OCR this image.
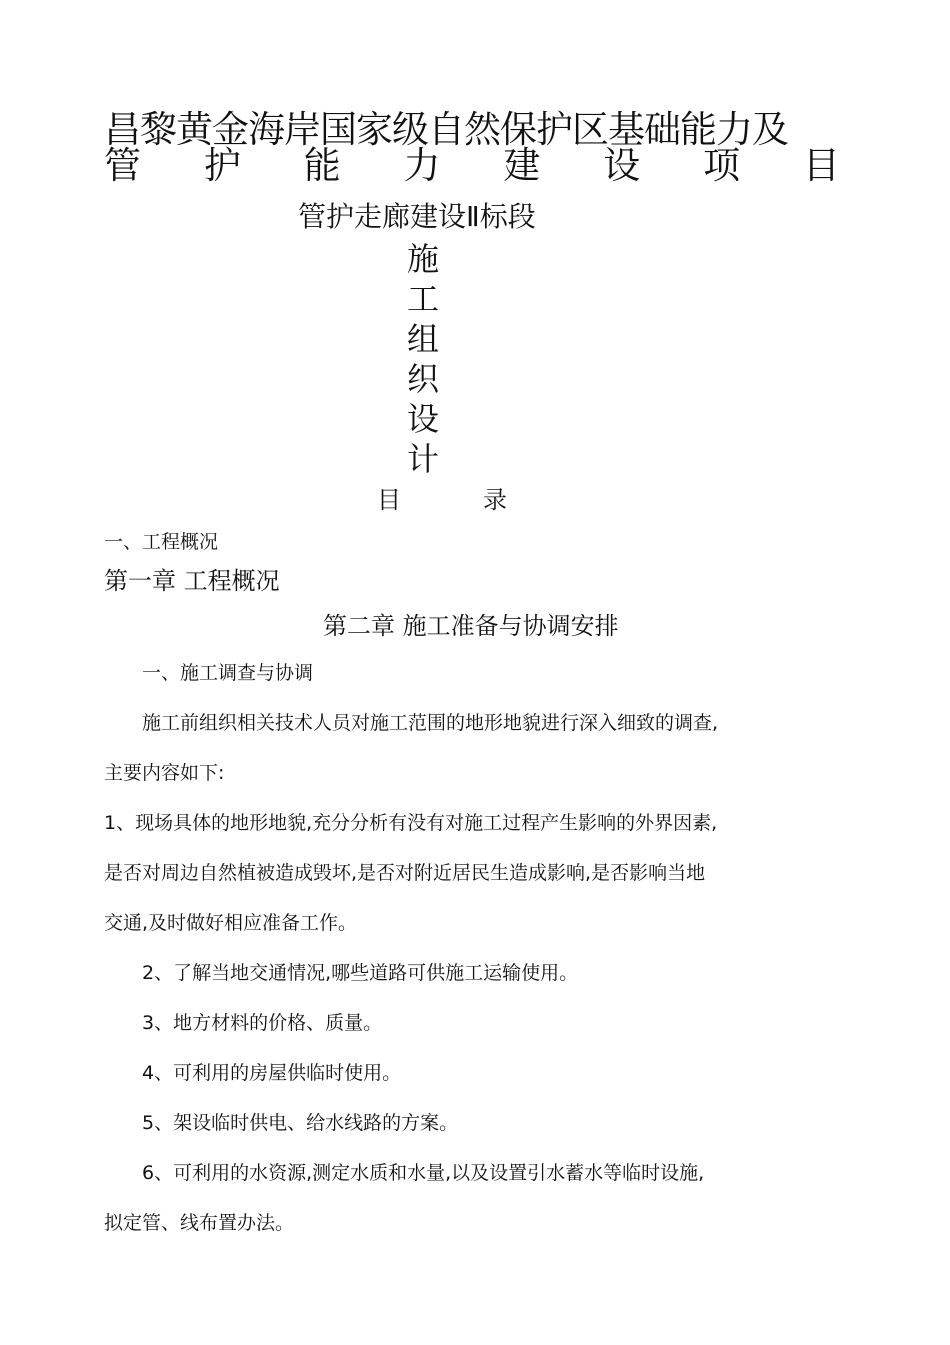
昌黎黄金海岸国家级自然保护区基础能力及
管 护 能 力 建 设 项 目
管护走廊建设Ⅱ标段
施
工
组
织
设
计
目	录
一、工程概况
第一章 工程概况
第二章 施工准备与协调安排
一、施工调查与协调
施工前组织相关技术人员对施工范围的地形地貌进行深入细致的调查,
主要内容如下:
1、现场具体的地形地貌,充分分析有没有对施工过程产生影响的外界因素,
是否对周边自然植被造成毁坏,是否对附近居民生造成影响,是否影响当地
交通,及时做好相应准备工作。
2、了解当地交通情况,哪些道路可供施工运输使用。
3、地方材料的价格、质量。
4、可利用的房屋供临时使用。
5、架设临时供电、给水线路的方案。
6、可利用的水资源,测定水质和水量,以及设置引水蓄水等临时设施,
拟定管、线布置办法。
